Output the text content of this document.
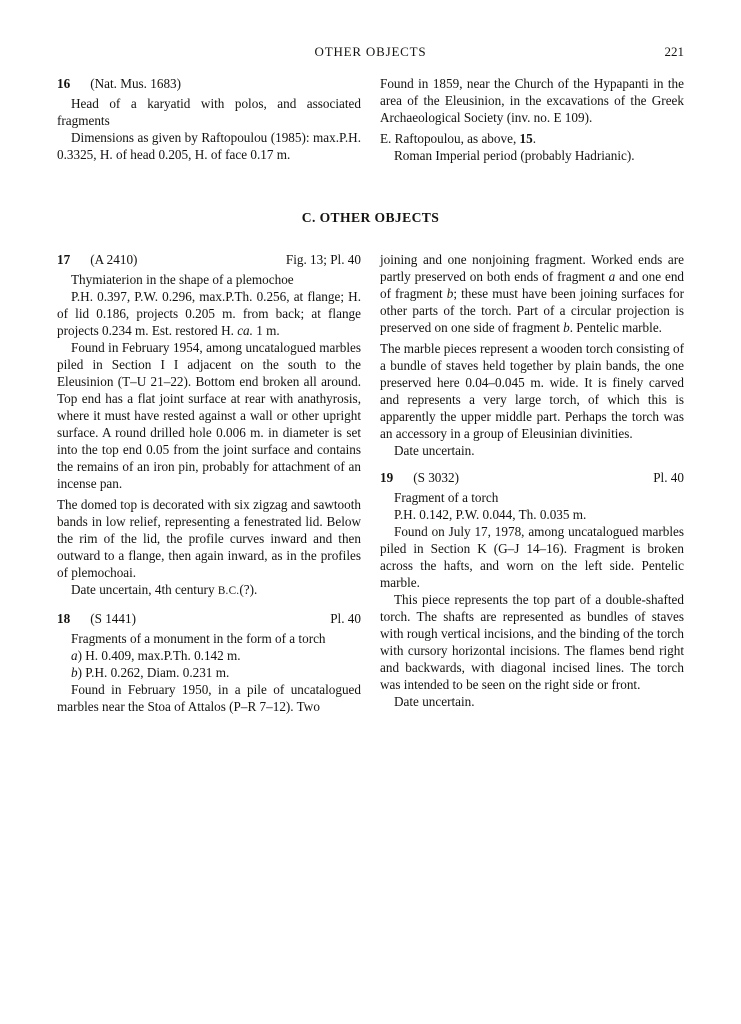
OTHER OBJECTS	221
16 (Nat. Mus. 1683)

Head of a karyatid with polos, and associated fragments

Dimensions as given by Raftopoulou (1985): max.P.H. 0.3325, H. of head 0.205, H. of face 0.17 m.

Found in 1859, near the Church of the Hypapanti in the area of the Eleusinion, in the excavations of the Greek Archaeological Society (inv. no. E 109).

E. Raftopoulou, as above, 15.

Roman Imperial period (probably Hadrianic).

C. OTHER OBJECTS
17 (A 2410)	Fig. 13; Pl. 40

Thymiaterion in the shape of a plemochoe

P.H. 0.397, P.W. 0.296, max.P.Th. 0.256, at flange; H. of lid 0.186, projects 0.205 m. from back; at flange projects 0.234 m. Est. restored H. ca. 1 m.

Found in February 1954, among uncatalogued marbles piled in Section I I adjacent on the south to the Eleusinion (T–U 21–22). Bottom end broken all around. Top end has a flat joint surface at rear with anathyrosis, where it must have rested against a wall or other upright surface. A round drilled hole 0.006 m. in diameter is set into the top end 0.05 from the joint surface and contains the remains of an iron pin, probably for attachment of an incense pan.

The domed top is decorated with six zigzag and sawtooth bands in low relief, representing a fenestrated lid. Below the rim of the lid, the profile curves inward and then outward to a flange, then again inward, as in the profiles of plemochoai.

Date uncertain, 4th century B.C.(?).

18 (S 1441)	Pl. 40

Fragments of a monument in the form of a torch

a) H. 0.409, max.P.Th. 0.142 m.

b) P.H. 0.262, Diam. 0.231 m.

Found in February 1950, in a pile of uncatalogued marbles near the Stoa of Attalos (P–R 7–12). Two

joining and one nonjoining fragment. Worked ends are partly preserved on both ends of fragment a and one end of fragment b; these must have been joining surfaces for other parts of the torch. Part of a circular projection is preserved on one side of fragment b. Pentelic marble.

The marble pieces represent a wooden torch consisting of a bundle of staves held together by plain bands, the one preserved here 0.04–0.045 m. wide. It is finely carved and represents a very large torch, of which this is apparently the upper middle part. Perhaps the torch was an accessory in a group of Eleusinian divinities.

Date uncertain.

19 (S 3032)	Pl. 40

Fragment of a torch

P.H. 0.142, P.W. 0.044, Th. 0.035 m.

Found on July 17, 1978, among uncatalogued marbles piled in Section K (G–J 14–16). Fragment is broken across the hafts, and worn on the left side. Pentelic marble.

This piece represents the top part of a double-shafted torch. The shafts are represented as bundles of staves with rough vertical incisions, and the binding of the torch with cursory horizontal incisions. The flames bend right and backwards, with diagonal incised lines. The torch was intended to be seen on the right side or front.

Date uncertain.
